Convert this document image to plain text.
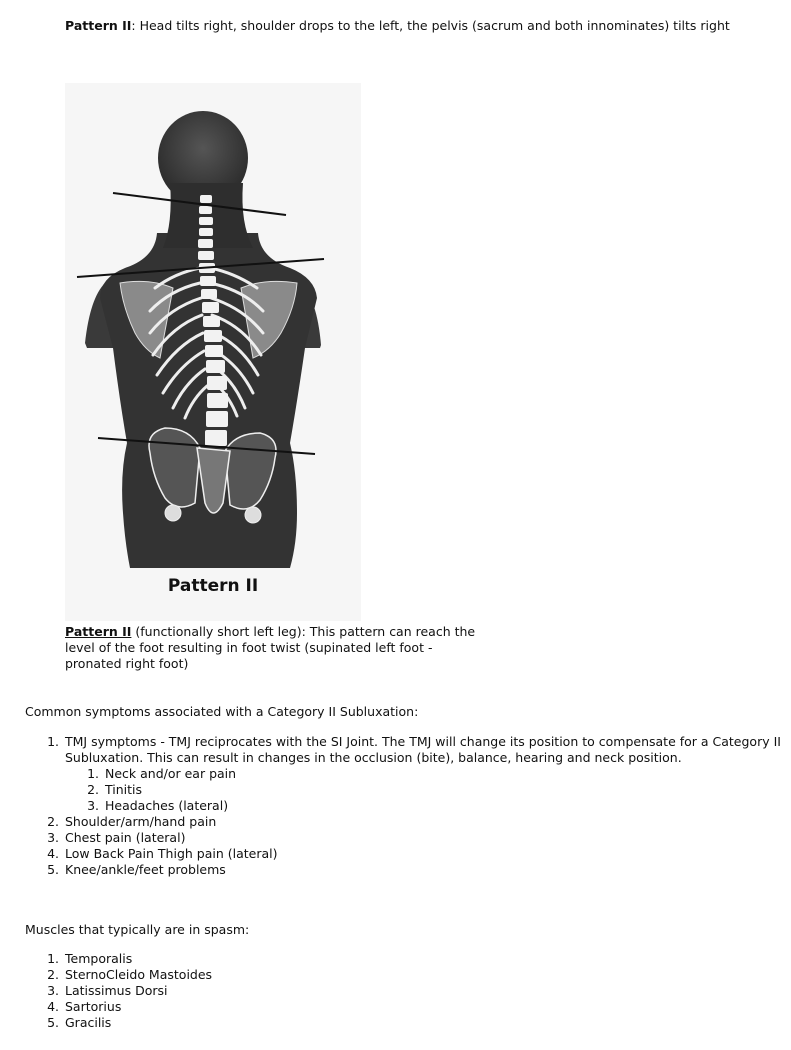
Pattern II: Head tilts right, shoulder drops to the left, the pelvis (sacrum and both innominates) tilts right
Pattern II
Pattern II (functionally short left leg): This pattern can reach the level of the foot resulting in foot twist (supinated left foot - pronated right foot)
Common symptoms associated with a Category II Subluxation:
1. TMJ symptoms - TMJ reciprocates with the SI Joint. The TMJ will change its position to compensate for a Category II Subluxation. This can result in changes in the occlusion (bite), balance, hearing and neck position.
1. Neck and/or ear pain
2. Tinitis
3. Headaches (lateral)
2. Shoulder/arm/hand pain
3. Chest pain (lateral)
4. Low Back Pain Thigh pain (lateral)
5. Knee/ankle/feet problems
Muscles that typically are in spasm:
1. Temporalis
2. SternoCleido Mastoides
3. Latissimus Dorsi
4. Sartorius
5. Gracilis
